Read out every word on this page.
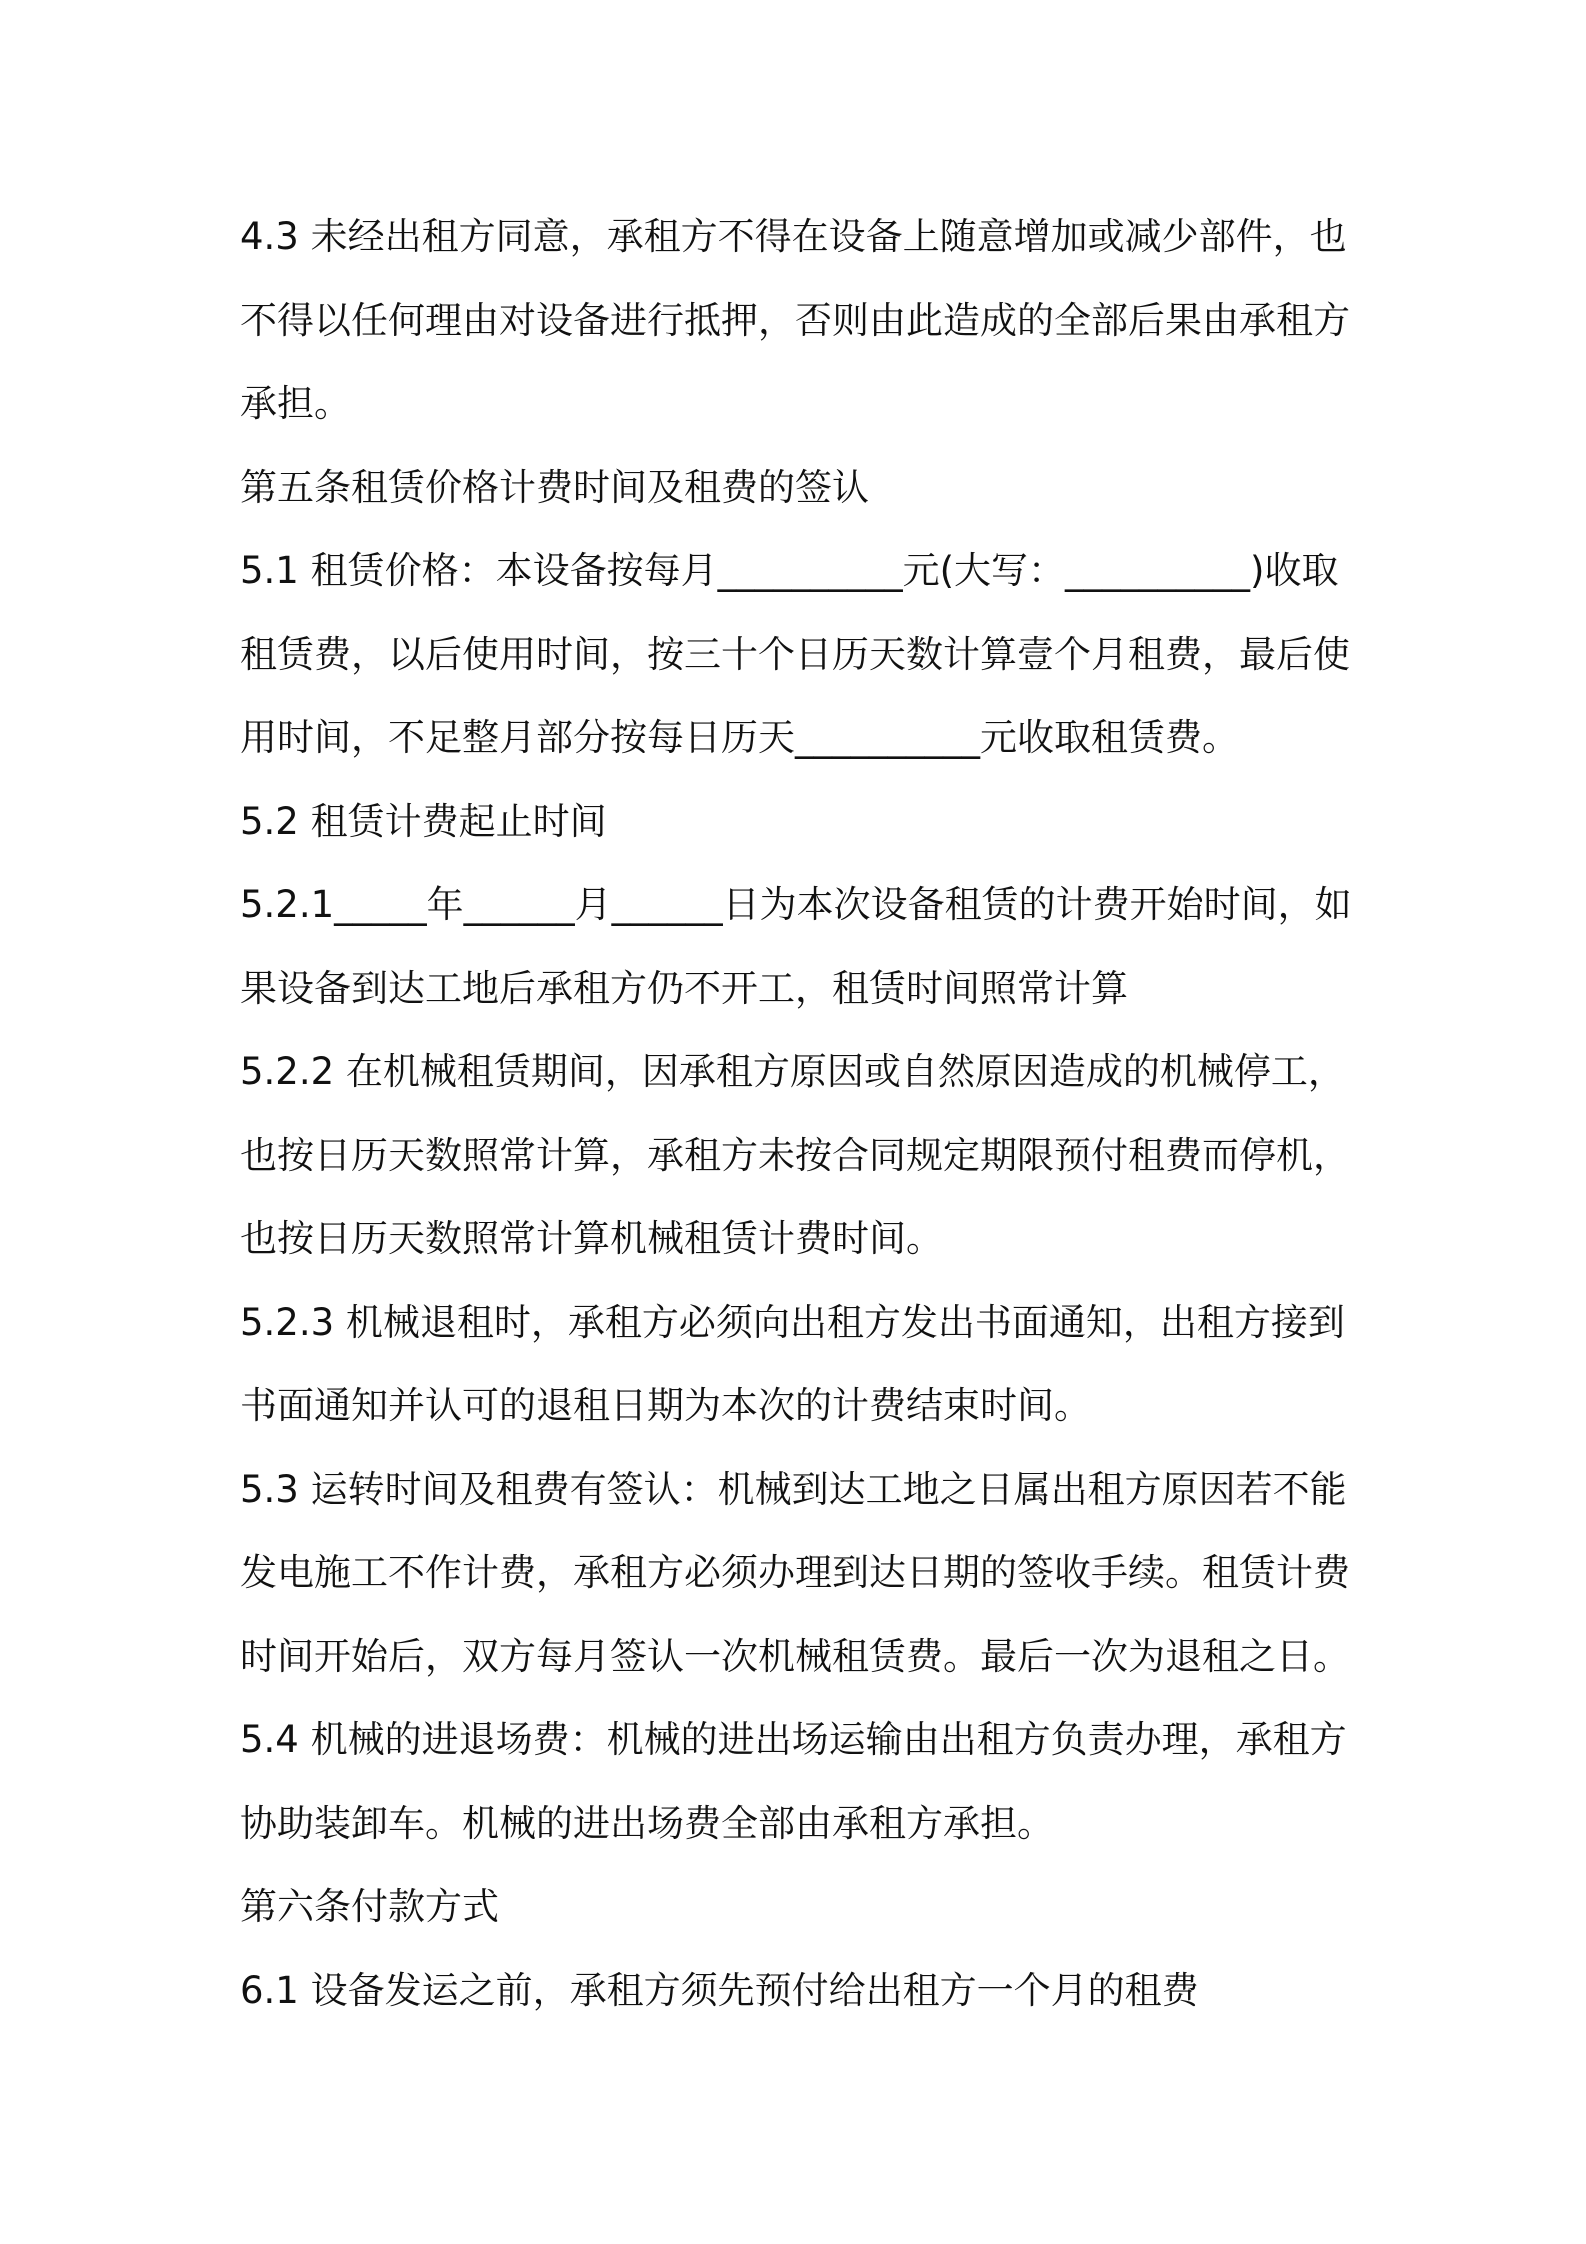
4.3 未经出租方同意，承租方不得在设备上随意增加或减少部件，也不得以任何理由对设备进行抵押，否则由此造成的全部后果由承租方承担。

第五条租赁价格计费时间及租费的签认

5.1 租赁价格：本设备按每月__________元(大写：__________)收取租赁费，以后使用时间，按三十个日历天数计算壹个月租费，最后使用时间，不足整月部分按每日历天__________元收取租赁费。

5.2 租赁计费起止时间

5.2.1_____年______月______日为本次设备租赁的计费开始时间，如果设备到达工地后承租方仍不开工，租赁时间照常计算

5.2.2 在机械租赁期间，因承租方原因或自然原因造成的机械停工，也按日历天数照常计算，承租方未按合同规定期限预付租费而停机，也按日历天数照常计算机械租赁计费时间。

5.2.3 机械退租时，承租方必须向出租方发出书面通知，出租方接到书面通知并认可的退租日期为本次的计费结束时间。

5.3 运转时间及租费有签认：机械到达工地之日属出租方原因若不能发电施工不作计费，承租方必须办理到达日期的签收手续。租赁计费时间开始后，双方每月签认一次机械租赁费。最后一次为退租之日。

5.4 机械的进退场费：机械的进出场运输由出租方负责办理，承租方协助装卸车。机械的进出场费全部由承租方承担。

第六条付款方式

6.1 设备发运之前，承租方须先预付给出租方一个月的租费
